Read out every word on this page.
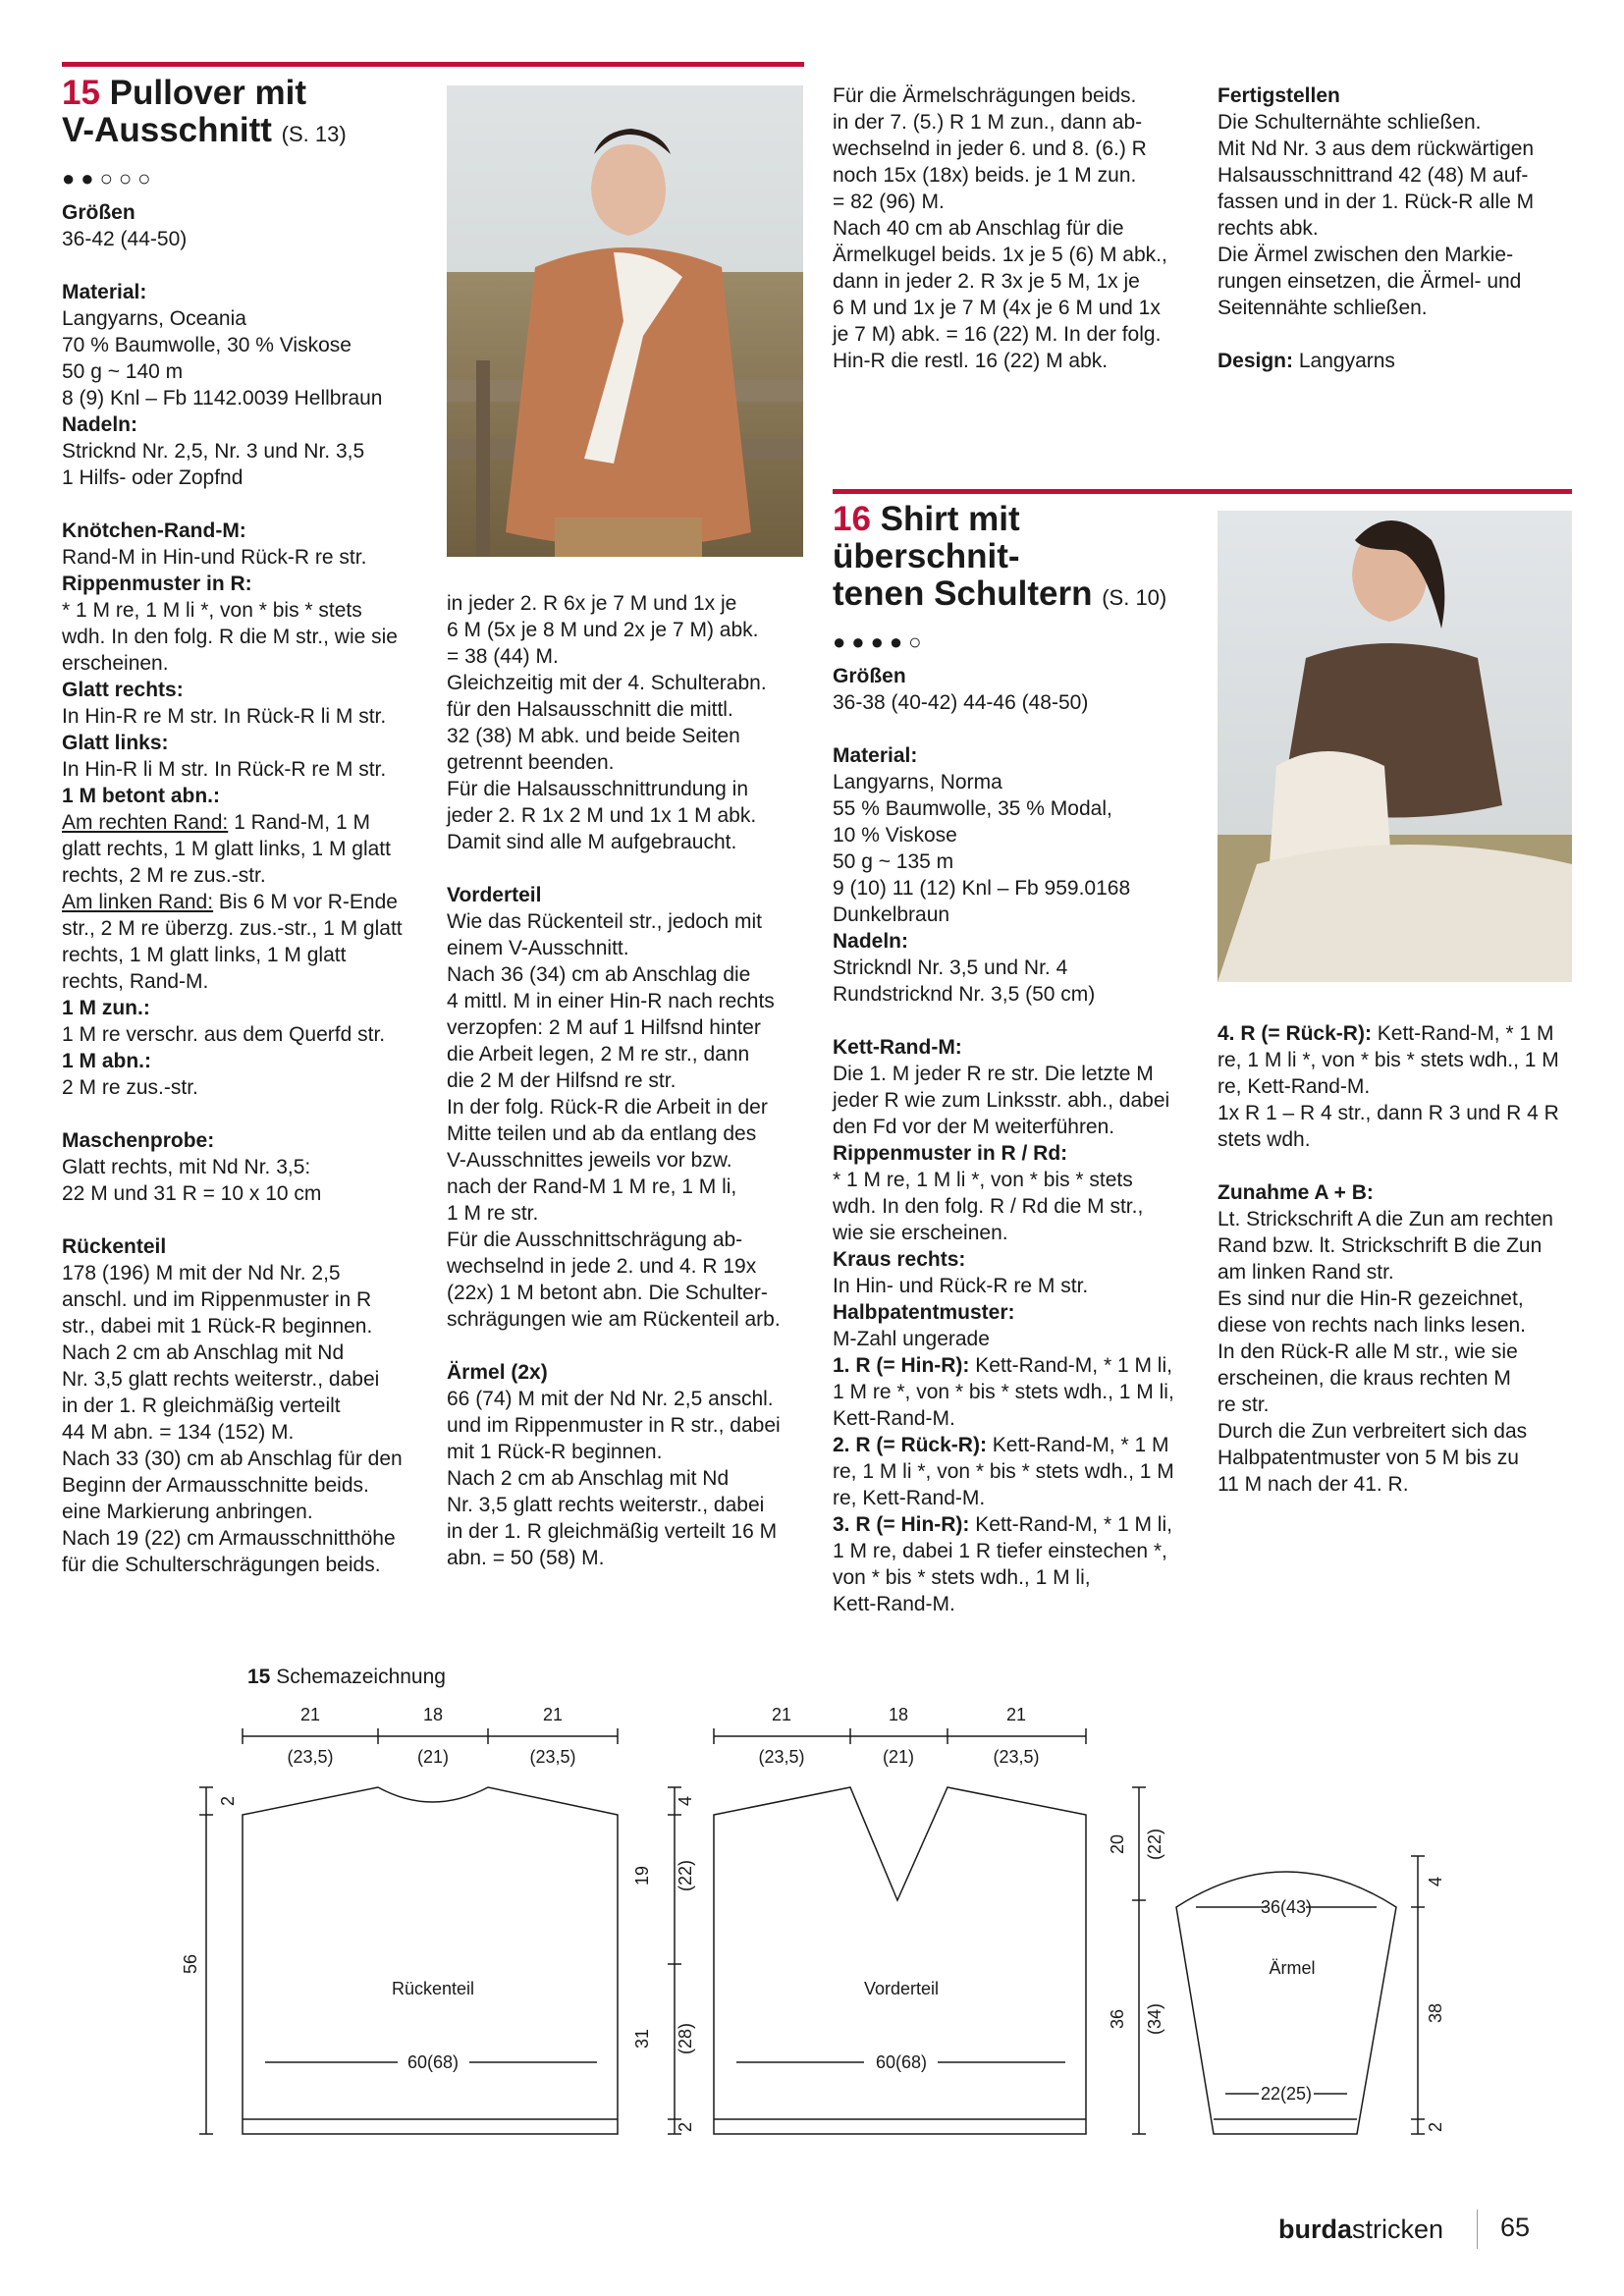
15 Pullover mit
V-Ausschnitt (S. 13)
●●○○○

Größen

36-42 (44-50)

Material:

Langyarns, Oceania

70 % Baumwolle, 30 % Viskose

50 g ~ 140 m

8 (9) Knl – Fb 1142.0039 Hellbraun

Nadeln:

Stricknd Nr. 2,5, Nr. 3 und Nr. 3,5

1 Hilfs- oder Zopfnd

Knötchen-Rand-M:

Rand-M in Hin-und Rück-R re str.

Rippenmuster in R:

* 1 M re, 1 M li *, von * bis * stets

wdh. In den folg. R die M str., wie sie

erscheinen.

Glatt rechts:

In Hin-R re M str. In Rück-R li M str.

Glatt links:

In Hin-R li M str. In Rück-R re M str.

1 M betont abn.:

Am rechten Rand: 1 Rand-M, 1 M

glatt rechts, 1 M glatt links, 1 M glatt

rechts, 2 M re zus.-str.

Am linken Rand: Bis 6 M vor R-Ende

str., 2 M re überzg. zus.-str., 1 M glatt

rechts, 1 M glatt links, 1 M glatt

rechts, Rand-M.

1 M zun.:

1 M re verschr. aus dem Querfd str.

1 M abn.:

2 M re zus.-str.

Maschenprobe:

Glatt rechts, mit Nd Nr. 3,5:

22 M und 31 R = 10 x 10 cm

Rückenteil

178 (196) M mit der Nd Nr. 2,5

anschl. und im Rippenmuster in R

str., dabei mit 1 Rück-R beginnen.

Nach 2 cm ab Anschlag mit Nd

Nr. 3,5 glatt rechts weiterstr., dabei

in der 1. R gleichmäßig verteilt

44 M abn. = 134 (152) M.

Nach 33 (30) cm ab Anschlag für den

Beginn der Armausschnitte beids.

eine Markierung anbringen.

Nach 19 (22) cm Armausschnitthöhe

für die Schulterschrägungen beids.

in jeder 2. R 6x je 7 M und 1x je

6 M (5x je 8 M und 2x je 7 M) abk.

= 38 (44) M.

Gleichzeitig mit der 4. Schulterabn.

für den Halsausschnitt die mittl.

32 (38) M abk. und beide Seiten

getrennt beenden.

Für die Halsausschnittrundung in

jeder 2. R 1x 2 M und 1x 1 M abk.

Damit sind alle M aufgebraucht.

Vorderteil

Wie das Rückenteil str., jedoch mit

einem V-Ausschnitt.

Nach 36 (34) cm ab Anschlag die

4 mittl. M in einer Hin-R nach rechts

verzopfen: 2 M auf 1 Hilfsnd hinter

die Arbeit legen, 2 M re str., dann

die 2 M der Hilfsnd re str.

In der folg. Rück-R die Arbeit in der

Mitte teilen und ab da entlang des

V-Ausschnittes jeweils vor bzw.

nach der Rand-M 1 M re, 1 M li,

1 M re str.

Für die Ausschnittschrägung ab-

wechselnd in jede 2. und 4. R 19x

(22x) 1 M betont abn. Die Schulter-

schrägungen wie am Rückenteil arb.

Ärmel (2x)

66 (74) M mit der Nd Nr. 2,5 anschl.

und im Rippenmuster in R str., dabei

mit 1 Rück-R beginnen.

Nach 2 cm ab Anschlag mit Nd

Nr. 3,5 glatt rechts weiterstr., dabei

in der 1. R gleichmäßig verteilt 16 M

abn. = 50 (58) M.

Für die Ärmelschrägungen beids.

in der 7. (5.) R 1 M zun., dann ab-

wechselnd in jeder 6. und 8. (6.) R

noch 15x (18x) beids. je 1 M zun.

= 82 (96) M.

Nach 40 cm ab Anschlag für die

Ärmelkugel beids. 1x je 5 (6) M abk.,

dann in jeder 2. R 3x je 5 M, 1x je

6 M und 1x je 7 M (4x je 6 M und 1x

je 7 M) abk. = 16 (22) M. In der folg.

Hin-R die restl. 16 (22) M abk.

Fertigstellen

Die Schulternähte schließen.

Mit Nd Nr. 3 aus dem rückwärtigen

Halsausschnittrand 42 (48) M auf-

fassen und in der 1. Rück-R alle M

rechts abk.

Die Ärmel zwischen den Markie-

rungen einsetzen, die Ärmel- und

Seitennähte schließen.

Design: Langyarns

16 Shirt mit überschnit-
tenen Schultern (S. 10)
●●●●○

Größen

36-38 (40-42) 44-46 (48-50)

Material:

Langyarns, Norma

55 % Baumwolle, 35 % Modal,

10 % Viskose

50 g ~ 135 m

9 (10) 11 (12) Knl – Fb 959.0168

Dunkelbraun

Nadeln:

Strickndl Nr. 3,5 und Nr. 4

Rundstricknd Nr. 3,5 (50 cm)

Kett-Rand-M:

Die 1. M jeder R re str. Die letzte M

jeder R wie zum Linksstr. abh., dabei

den Fd vor der M weiterführen.

Rippenmuster in R / Rd:

* 1 M re, 1 M li *, von * bis * stets

wdh. In den folg. R / Rd die M str.,

wie sie erscheinen.

Kraus rechts:

In Hin- und Rück-R re M str.

Halbpatentmuster:

M-Zahl ungerade

1. R (= Hin-R): Kett-Rand-M, * 1 M li,

1 M re *, von * bis * stets wdh., 1 M li,

Kett-Rand-M.

2. R (= Rück-R): Kett-Rand-M, * 1 M

re, 1 M li *, von * bis * stets wdh., 1 M

re, Kett-Rand-M.

3. R (= Hin-R): Kett-Rand-M, * 1 M li,

1 M re, dabei 1 R tiefer einstechen *,

von * bis * stets wdh., 1 M li,

Kett-Rand-M.

4. R (= Rück-R): Kett-Rand-M, * 1 M

re, 1 M li *, von * bis * stets wdh., 1 M

re, Kett-Rand-M.

1x R 1 – R 4 str., dann R 3 und R 4 R

stets wdh.

Zunahme A + B:

Lt. Strickschrift A die Zun am rechten

Rand bzw. lt. Strickschrift B die Zun

am linken Rand str.

Es sind nur die Hin-R gezeichnet,

diese von rechts nach links lesen.

In den Rück-R alle M str., wie sie

erscheinen, die kraus rechten M

re str.

Durch die Zun verbreitert sich das

Halbpatentmuster von 5 M bis zu

11 M nach der 41. R.

15 Schemazeichnung
21	18	21
(23,5)	(21)	(23,5)
21	18	21
(23,5)	(21)	(23,5)
Rückenteil	Vorderteil
Ärmel
60(68)	60(68)
36(43)
22(25)
56
2
19 (22)
4
31 (28)
2
20 (22)
36 (34)
4
38
2
burdastricken 65
